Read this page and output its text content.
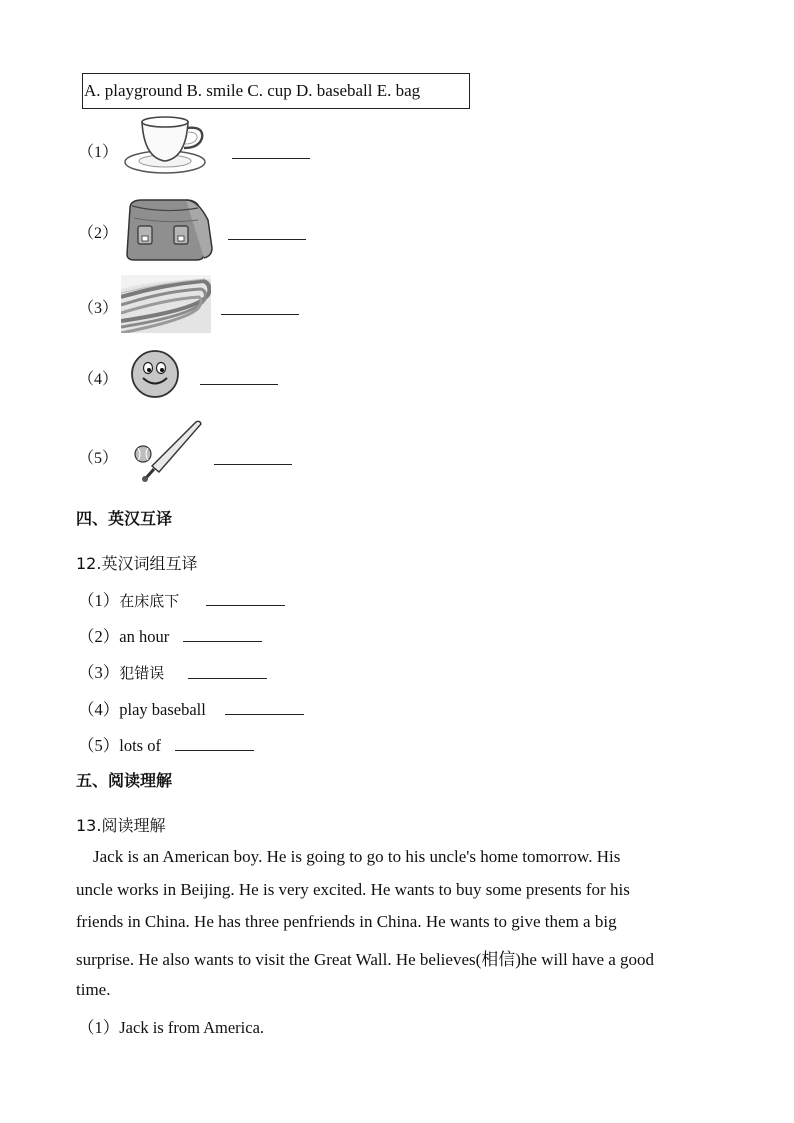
A. playground B. smile C. cup D. baseball E. bag
（1）
（2）
（3）
（4）
（5）
四、英汉互译
12.英汉词组互译
（1）在床底下
（2）an hour
（3）犯错误
（4）play baseball
（5）lots of
五、阅读理解
13.阅读理解
Jack is an American boy. He is going to go to his uncle's home tomorrow. His
uncle works in Beijing. He is very excited. He wants to buy some presents for his
friends in China. He has three penfriends in China. He wants to give them a big
surprise. He also wants to visit the Great Wall. He believes(相信)he will have a good
time.
（1）Jack is from America.
